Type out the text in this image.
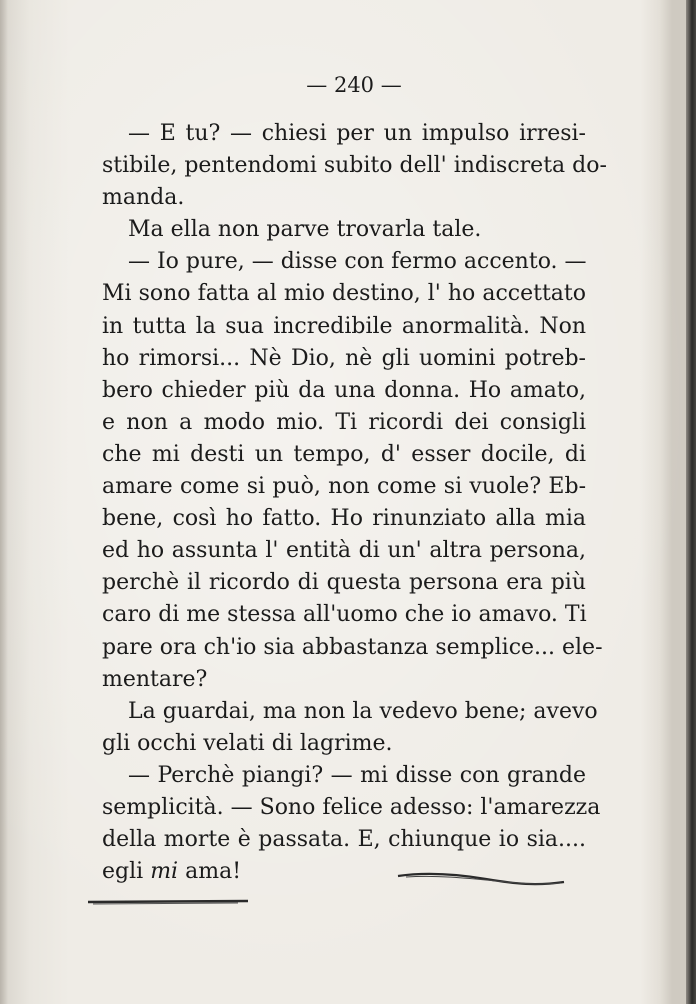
— 240 —
— E tu? — chiesi per un impulso irresi-
stibile, pentendomi subito dell' indiscreta do-
manda.
Ma ella non parve trovarla tale.
— Io pure, — disse con fermo accento. —
Mi sono fatta al mio destino, l' ho accettato
in tutta la sua incredibile anormalità. Non
ho rimorsi... Nè Dio, nè gli uomini potreb-
bero chieder più da una donna. Ho amato,
e non a modo mio. Ti ricordi dei consigli
che mi desti un tempo, d' esser docile, di
amare come si può, non come si vuole? Eb-
bene, così ho fatto. Ho rinunziato alla mia
ed ho assunta l' entità di un' altra persona,
perchè il ricordo di questa persona era più
caro di me stessa all'uomo che io amavo. Ti
pare ora ch'io sia abbastanza semplice... ele-
mentare?
La guardai, ma non la vedevo bene; avevo
gli occhi velati di lagrime.
— Perchè piangi? — mi disse con grande
semplicità. — Sono felice adesso: l'amarezza
della morte è passata. E, chiunque io sia....
egli mi ama!
